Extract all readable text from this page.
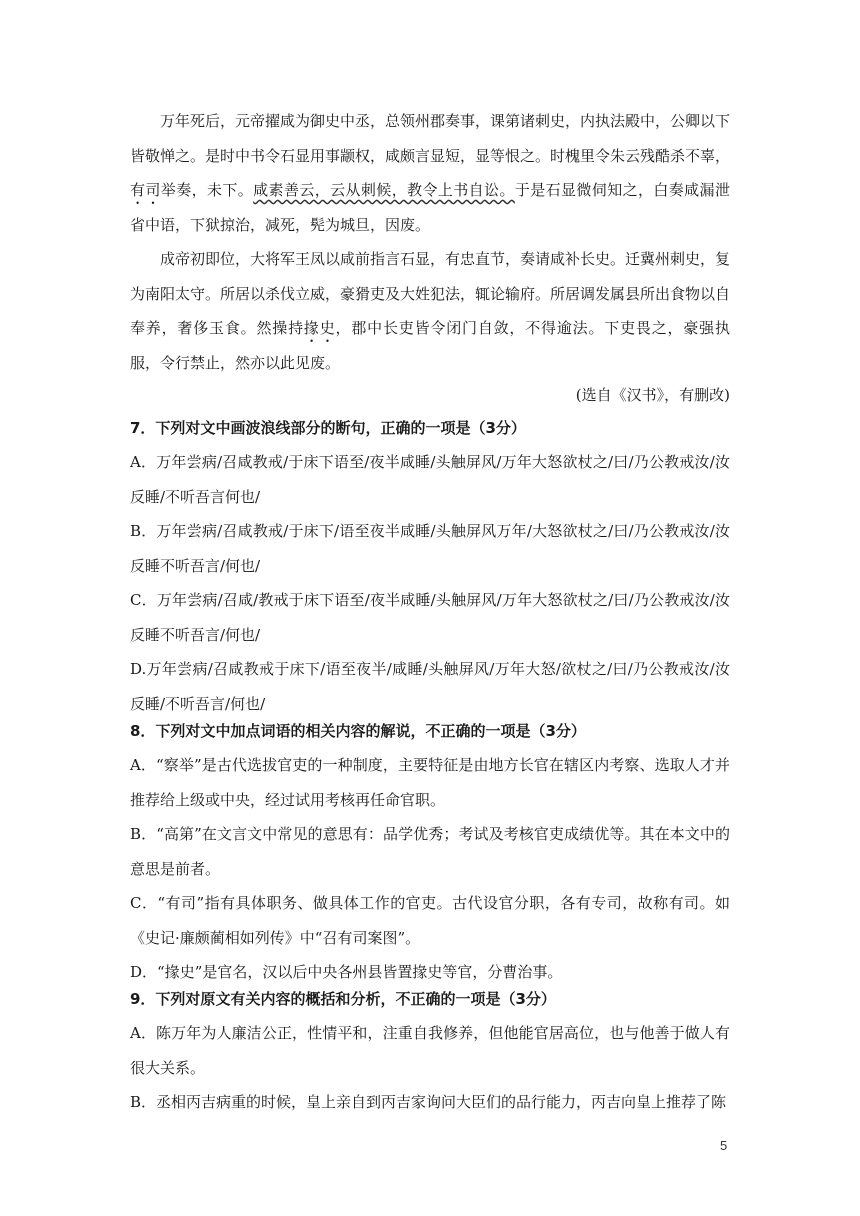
万年死后，元帝擢咸为御史中丞，总领州郡奏事，课第诸刺史，内执法殿中，公卿以下皆敬惮之。是时中书令石显用事颛权，咸颇言显短，显等恨之。时槐里令朱云残酷杀不辜，有司举奏，未下。咸素善云，云从刺候，教令上书自讼。于是石显微伺知之，白奏咸漏泄省中语，下狱掠治，减死，髡为城旦，因废。

成帝初即位，大将军王凤以咸前指言石显，有忠直节，奏请咸补长史。迁冀州刺史，复为南阳太守。所居以杀伐立威，豪猾吏及大姓犯法，辄论输府。所居调发属县所出食物以自奉养，奢侈玉食。然操持掾史，郡中长吏皆令闭门自敛，不得逾法。下吏畏之，豪强执服，令行禁止，然亦以此见废。

(选自《汉书》，有删改)

7．下列对文中画波浪线部分的断句，正确的一项是（3分）

A．万年尝病/召咸教戒/于床下语至/夜半咸睡/头触屏风/万年大怒欲杖之/曰/乃公教戒汝/汝反睡/不听吾言何也/

B．万年尝病/召咸教戒/于床下/语至夜半咸睡/头触屏风万年/大怒欲杖之/曰/乃公教戒汝/汝反睡不听吾言/何也/

C．万年尝病/召咸/教戒于床下语至/夜半咸睡/头触屏风/万年大怒欲杖之/曰/乃公教戒汝/汝反睡不听吾言/何也/

D.万年尝病/召咸教戒于床下/语至夜半/咸睡/头触屏风/万年大怒/欲杖之/曰/乃公教戒汝/汝反睡/不听吾言/何也/

8．下列对文中加点词语的相关内容的解说，不正确的一项是（3分）

A．“察举”是古代选拔官吏的一种制度，主要特征是由地方长官在辖区内考察、选取人才并推荐给上级或中央，经过试用考核再任命官职。

B．“高第”在文言文中常见的意思有：品学优秀；考试及考核官吏成绩优等。其在本文中的意思是前者。

C．“有司”指有具体职务、做具体工作的官吏。古代设官分职，各有专司，故称有司。如《史记·廉颇蔺相如列传》中“召有司案图”。

D．“掾史”是官名，汉以后中央各州县皆置掾史等官，分曹治事。

9．下列对原文有关内容的概括和分析，不正确的一项是（3分）

A．陈万年为人廉洁公正，性情平和，注重自我修养，但他能官居高位，也与他善于做人有很大关系。

B．丞相丙吉病重的时候，皇上亲自到丙吉家询问大臣们的品行能力，丙吉向皇上推荐了陈

5
